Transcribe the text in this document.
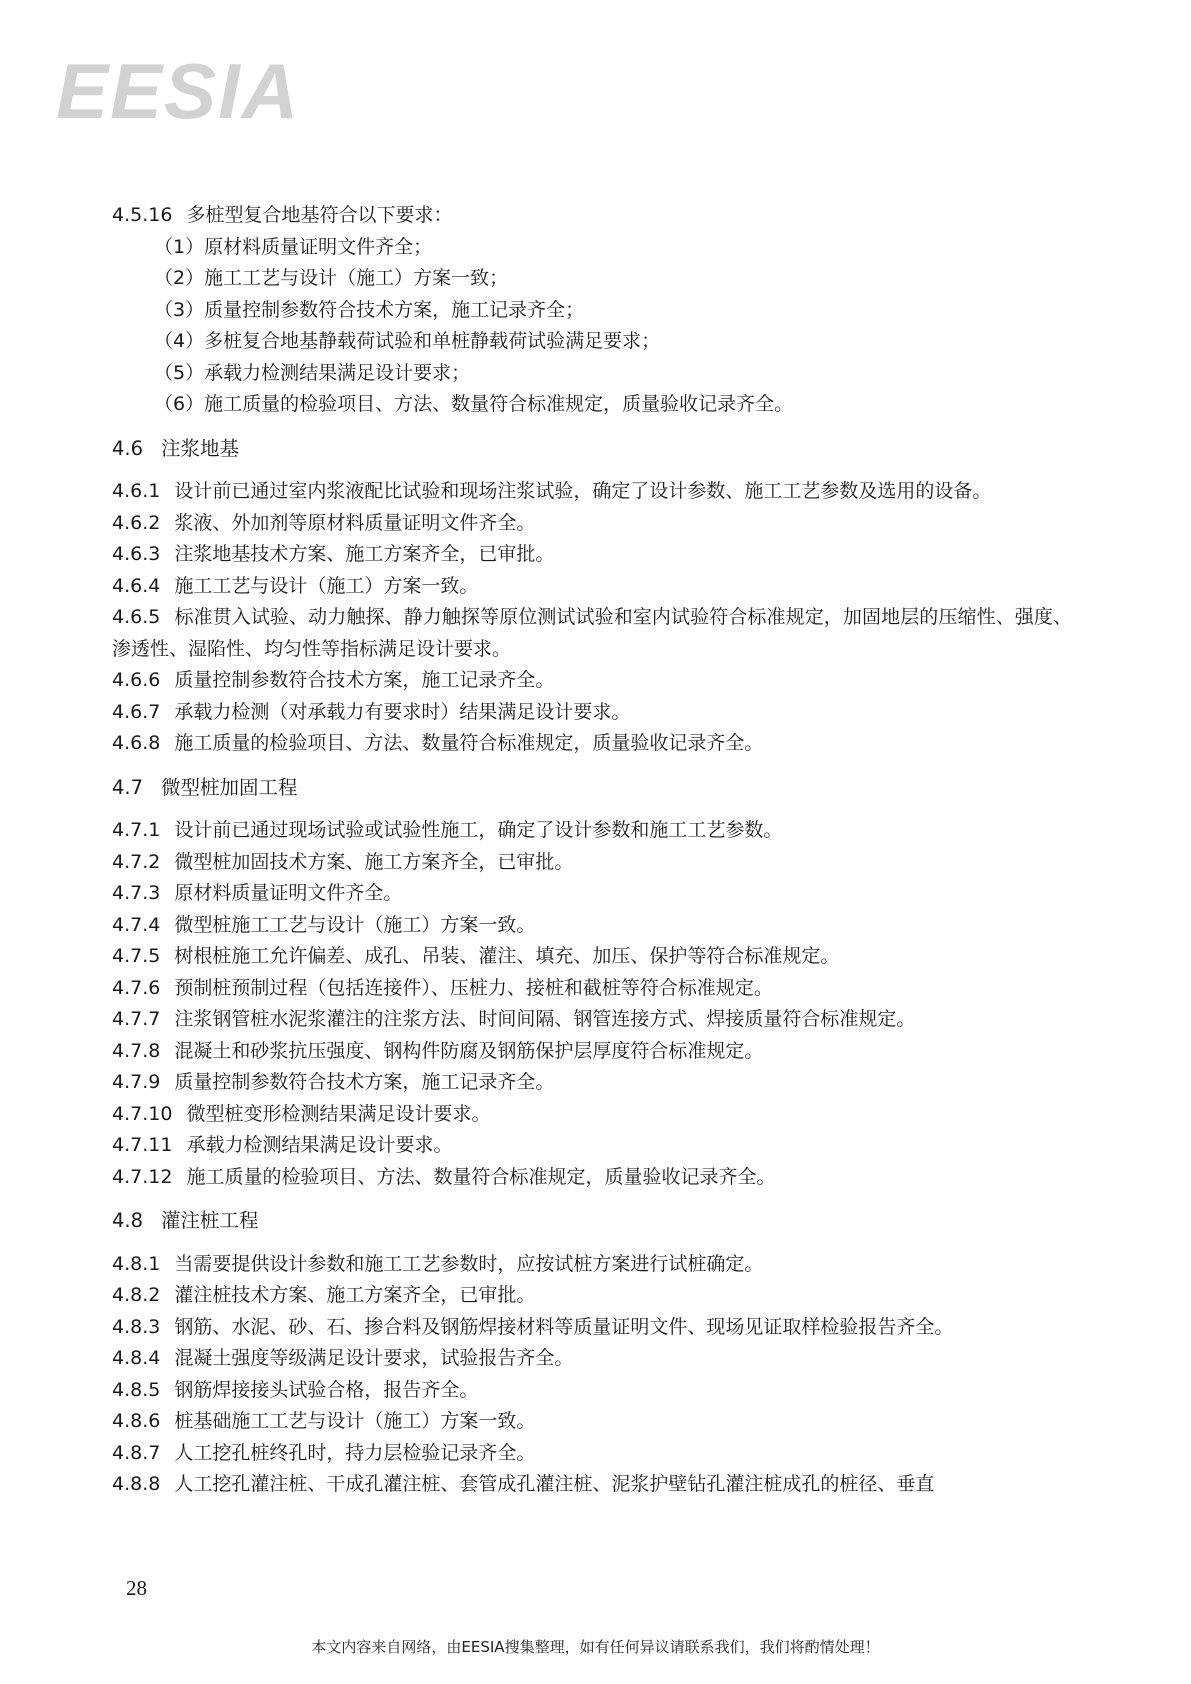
EESIA
4.5.16 多桩型复合地基符合以下要求：
（1）原材料质量证明文件齐全；
（2）施工工艺与设计（施工）方案一致；
（3）质量控制参数符合技术方案，施工记录齐全；
（4）多桩复合地基静载荷试验和单桩静载荷试验满足要求；
（5）承载力检测结果满足设计要求；
（6）施工质量的检验项目、方法、数量符合标准规定，质量验收记录齐全。
4.6 注浆地基
4.6.1 设计前已通过室内浆液配比试验和现场注浆试验，确定了设计参数、施工工艺参数及选用的设备。
4.6.2 浆液、外加剂等原材料质量证明文件齐全。
4.6.3 注浆地基技术方案、施工方案齐全，已审批。
4.6.4 施工工艺与设计（施工）方案一致。
4.6.5 标准贯入试验、动力触探、静力触探等原位测试试验和室内试验符合标准规定，加固地层的压缩性、强度、渗透性、湿陷性、均匀性等指标满足设计要求。
4.6.6 质量控制参数符合技术方案，施工记录齐全。
4.6.7 承载力检测（对承载力有要求时）结果满足设计要求。
4.6.8 施工质量的检验项目、方法、数量符合标准规定，质量验收记录齐全。
4.7 微型桩加固工程
4.7.1 设计前已通过现场试验或试验性施工，确定了设计参数和施工工艺参数。
4.7.2 微型桩加固技术方案、施工方案齐全，已审批。
4.7.3 原材料质量证明文件齐全。
4.7.4 微型桩施工工艺与设计（施工）方案一致。
4.7.5 树根桩施工允许偏差、成孔、吊装、灌注、填充、加压、保护等符合标准规定。
4.7.6 预制桩预制过程（包括连接件）、压桩力、接桩和截桩等符合标准规定。
4.7.7 注浆钢管桩水泥浆灌注的注浆方法、时间间隔、钢管连接方式、焊接质量符合标准规定。
4.7.8 混凝土和砂浆抗压强度、钢构件防腐及钢筋保护层厚度符合标准规定。
4.7.9 质量控制参数符合技术方案，施工记录齐全。
4.7.10 微型桩变形检测结果满足设计要求。
4.7.11 承载力检测结果满足设计要求。
4.7.12 施工质量的检验项目、方法、数量符合标准规定，质量验收记录齐全。
4.8 灌注桩工程
4.8.1 当需要提供设计参数和施工工艺参数时，应按试桩方案进行试桩确定。
4.8.2 灌注桩技术方案、施工方案齐全，已审批。
4.8.3 钢筋、水泥、砂、石、掺合料及钢筋焊接材料等质量证明文件、现场见证取样检验报告齐全。
4.8.4 混凝土强度等级满足设计要求，试验报告齐全。
4.8.5 钢筋焊接接头试验合格，报告齐全。
4.8.6 桩基础施工工艺与设计（施工）方案一致。
4.8.7 人工挖孔桩终孔时，持力层检验记录齐全。
4.8.8 人工挖孔灌注桩、干成孔灌注桩、套管成孔灌注桩、泥浆护壁钻孔灌注桩成孔的桩径、垂直
28
本文内容来自网络，由EESIA搜集整理，如有任何异议请联系我们，我们将酌情处理！
